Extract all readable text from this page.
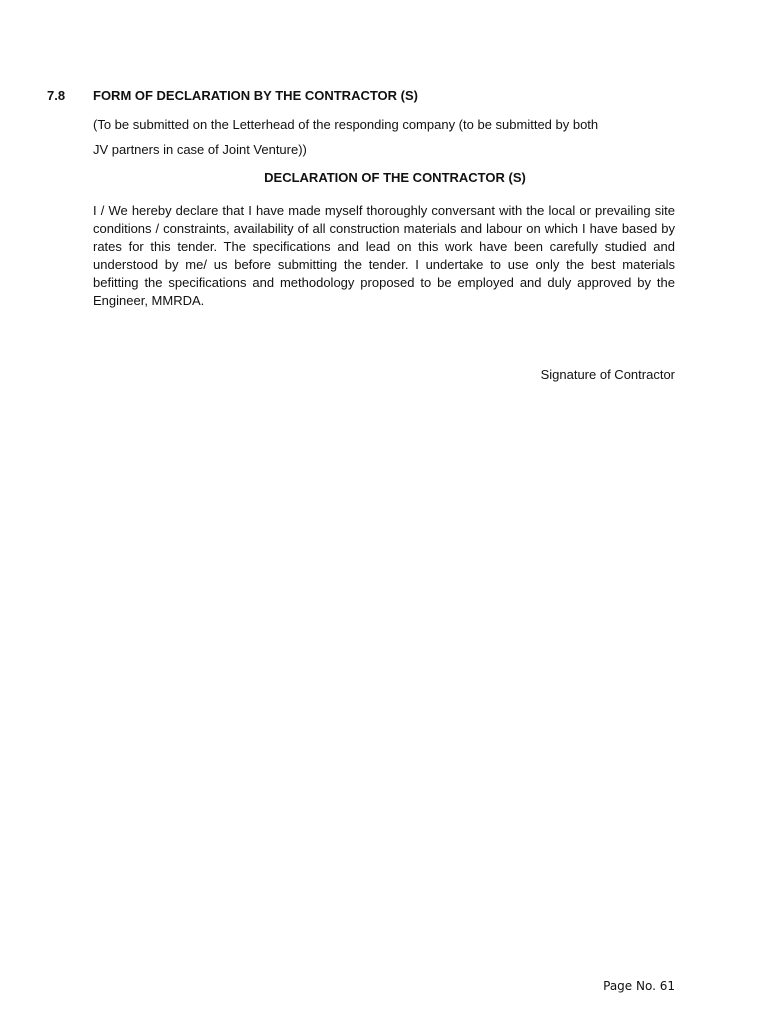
7.8 FORM OF DECLARATION BY THE CONTRACTOR (S)
(To be submitted on the Letterhead of the responding company (to be submitted by both
JV partners in case of Joint Venture))
DECLARATION OF THE CONTRACTOR (S)
I / We hereby declare that I have made myself thoroughly conversant with the local or prevailing site conditions / constraints, availability of all construction materials and labour on which I have based by rates for this tender. The specifications and lead on this work have been carefully studied and understood by me/ us before submitting the tender. I undertake to use only the best materials befitting the specifications and methodology proposed to be employed and duly approved by the Engineer, MMRDA.
Signature of Contractor
Page No. 61
